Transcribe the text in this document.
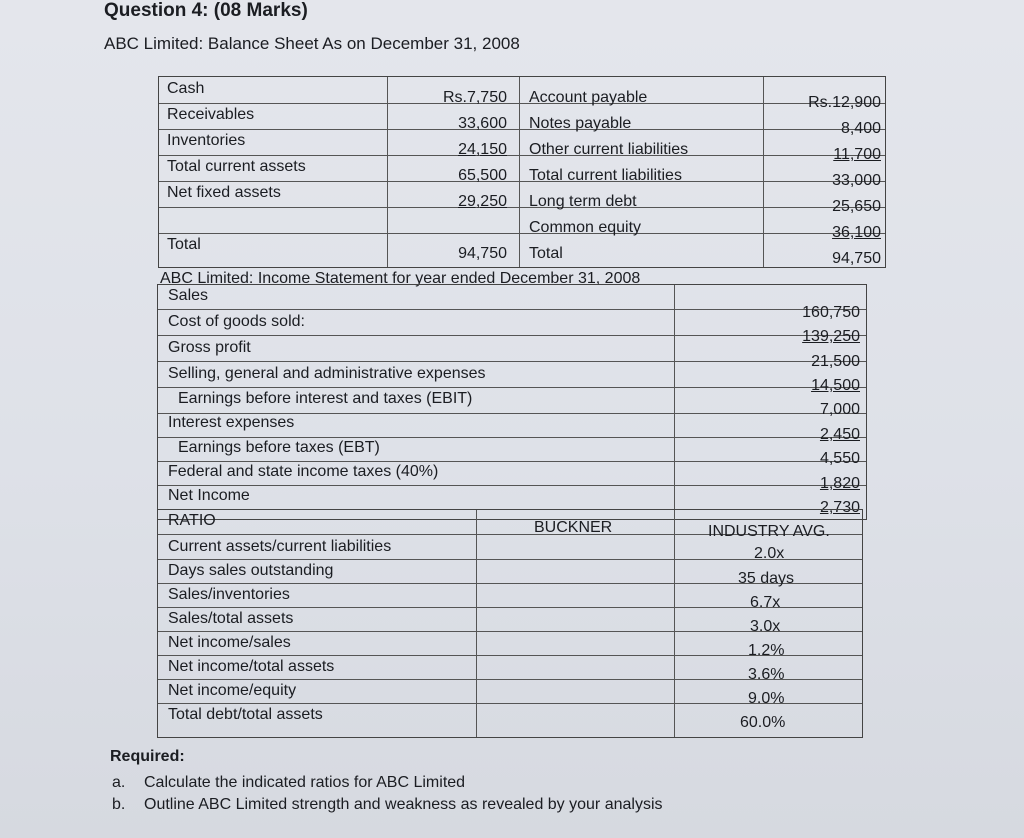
Question 4: (08 Marks)
ABC Limited: Balance Sheet As on December 31, 2008
Cash
Receivables
Inventories
Total current assets
Net fixed assets
Total
Rs.7,750
33,600
24,150
65,500
29,250
94,750
Account payable
Notes payable
Other current liabilities
Total current liabilities
Long term debt
Common equity
Total
Rs.12,900
8,400
11,700
33,000
25,650
36,100
94,750
ABC Limited: Income Statement for year ended December 31, 2008
Sales
Cost of goods sold:
Gross profit
Selling, general and administrative expenses
Earnings before interest and taxes (EBIT)
Interest expenses
Earnings before taxes (EBT)
Federal and state income taxes (40%)
Net Income
160,750
139,250
21,500
14,500
7,000
2,450
4,550
1,820
2,730
RATIO	BUCKNER	INDUSTRY AVG.
Current assets/current liabilities
Days sales outstanding
Sales/inventories
Sales/total assets
Net income/sales
Net income/total assets
Net income/equity
Total debt/total assets
2.0x
35 days
6.7x
3.0x
1.2%
3.6%
9.0%
60.0%
Required:
a. Calculate the indicated ratios for ABC Limited
b. Outline ABC Limited strength and weakness as revealed by your analysis
